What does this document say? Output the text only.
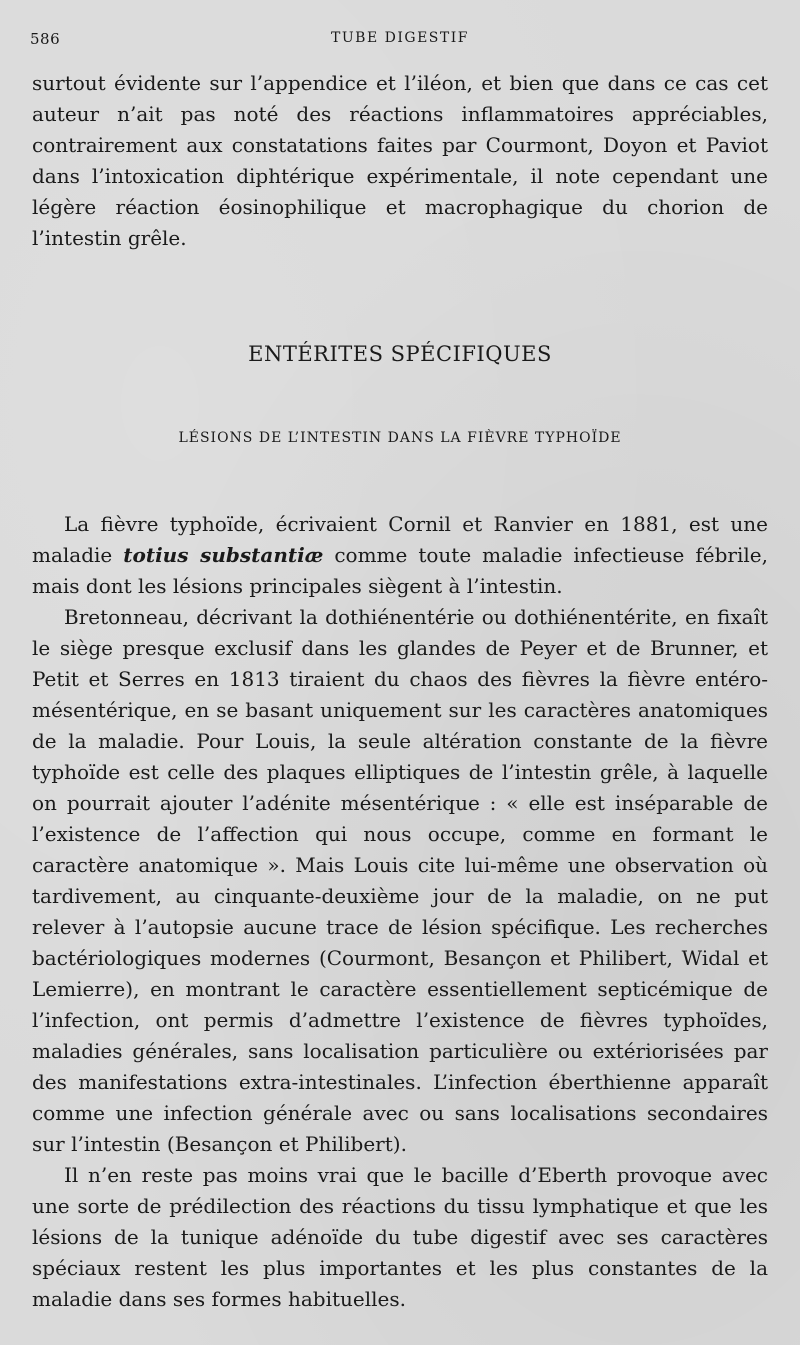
586	TUBE DIGESTIF

surtout évidente sur l’appendice et l’iléon, et bien que dans ce cas cet auteur n’ait pas noté des réactions inflammatoires appréciables, contrairement aux constatations faites par Courmont, Doyon et Paviot dans l’intoxication diphtérique expérimentale, il note cependant une légère réaction éosinophilique et macrophagique du chorion de l’intestin grêle.

ENTÉRITES SPÉCIFIQUES
LÉSIONS DE L’INTESTIN DANS LA FIÈVRE TYPHOÏDE

La fièvre typhoïde, écrivaient Cornil et Ranvier en 1881, est une maladie totius substantiæ comme toute maladie infectieuse fébrile, mais dont les lésions principales siègent à l’intestin.

Bretonneau, décrivant la dothiénentérie ou dothiénentérite, en fixaît le siège presque exclusif dans les glandes de Peyer et de Brunner, et Petit et Serres en 1813 tiraient du chaos des fièvres la fièvre entéro-mésentérique, en se basant uniquement sur les caractères anatomiques de la maladie. Pour Louis, la seule altération constante de la fièvre typhoïde est celle des plaques elliptiques de l’intestin grêle, à laquelle on pourrait ajouter l’adénite mésentérique : « elle est inséparable de l’existence de l’affection qui nous occupe, comme en formant le caractère anatomique ». Mais Louis cite lui-même une observation où tardivement, au cinquante-deuxième jour de la maladie, on ne put relever à l’autopsie aucune trace de lésion spécifique. Les recherches bactériologiques modernes (Courmont, Besançon et Philibert, Widal et Lemierre), en montrant le caractère essentiellement septicémique de l’infection, ont permis d’admettre l’existence de fièvres typhoïdes, maladies générales, sans localisation particulière ou extériorisées par des manifestations extra-intestinales. L’infection éberthienne apparaît comme une infection générale avec ou sans localisations secondaires sur l’intestin (Besançon et Philibert).

Il n’en reste pas moins vrai que le bacille d’Eberth provoque avec une sorte de prédilection des réactions du tissu lymphatique et que les lésions de la tunique adénoïde du tube digestif avec ses caractères spéciaux restent les plus importantes et les plus constantes de la maladie dans ses formes habituelles.
